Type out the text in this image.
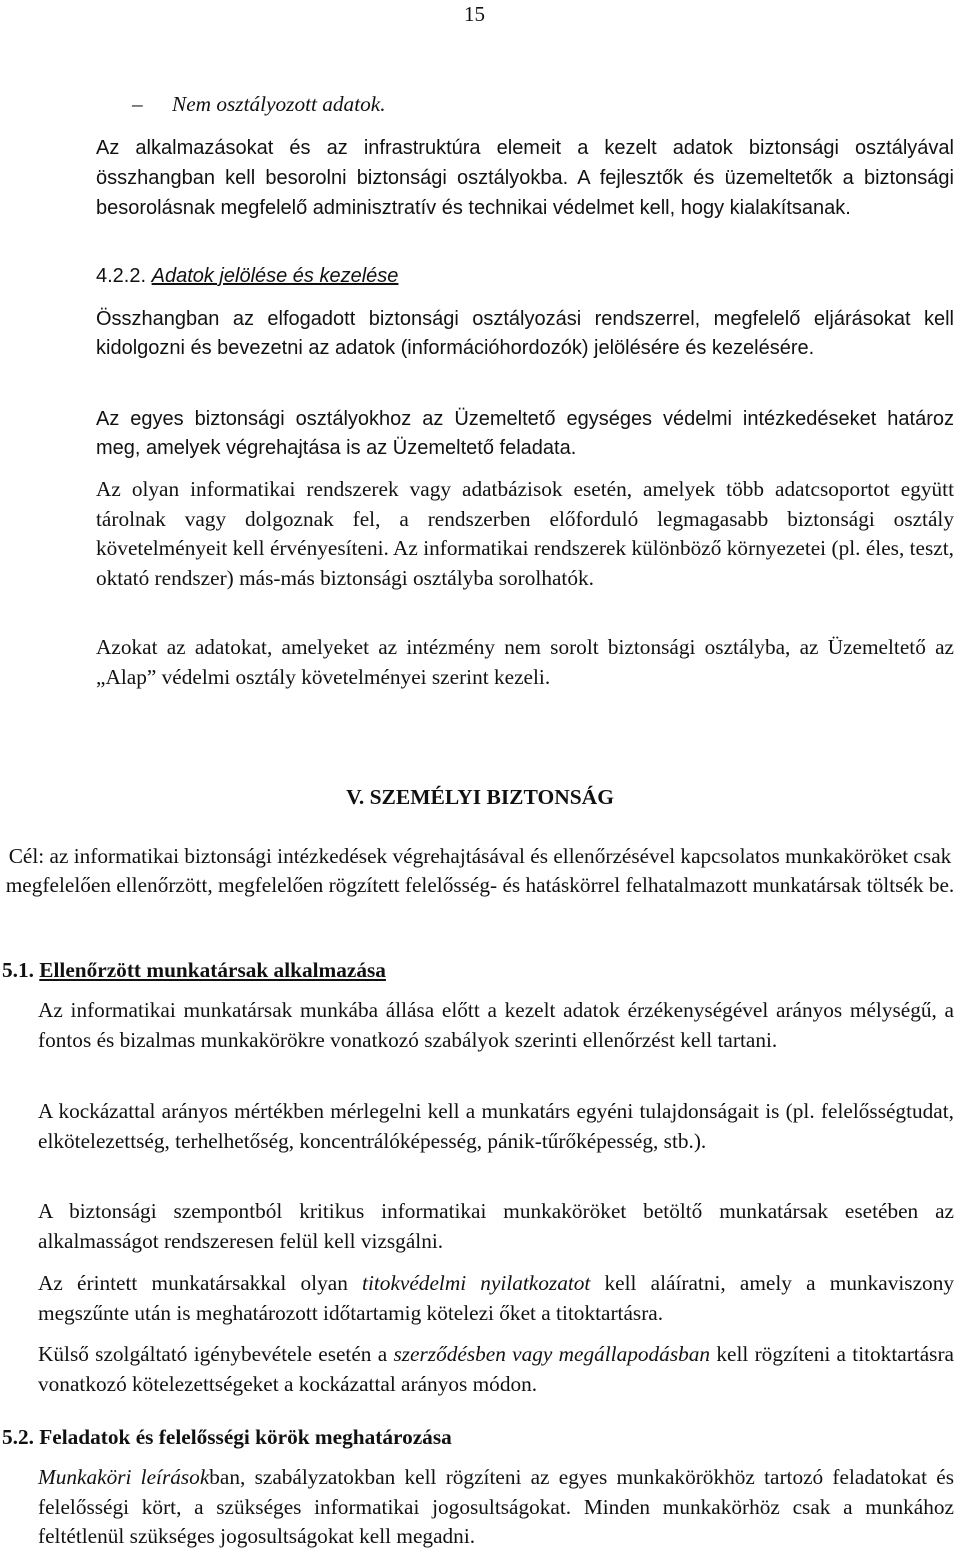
15
– Nem osztályozott adatok.
Az alkalmazásokat és az infrastruktúra elemeit a kezelt adatok biztonsági osztályával összhangban kell besorolni biztonsági osztályokba. A fejlesztők és üzemeltetők a biztonsági besorolásnak megfelelő adminisztratív és technikai védelmet kell, hogy kialakítsanak.
4.2.2. Adatok jelölése és kezelése
Összhangban az elfogadott biztonsági osztályozási rendszerrel, megfelelő eljárásokat kell kidolgozni és bevezetni az adatok (információhordozók) jelölésére és kezelésére.
Az egyes biztonsági osztályokhoz az Üzemeltető egységes védelmi intézkedéseket határoz meg, amelyek végrehajtása is az Üzemeltető feladata.
Az olyan informatikai rendszerek vagy adatbázisok esetén, amelyek több adatcsoportot együtt tárolnak vagy dolgoznak fel, a rendszerben előforduló legmagasabb biztonsági osztály követelményeit kell érvényesíteni. Az informatikai rendszerek különböző környezetei (pl. éles, teszt, oktató rendszer) más-más biztonsági osztályba sorolhatók.
Azokat az adatokat, amelyeket az intézmény nem sorolt biztonsági osztályba, az Üzemeltető az „Alap” védelmi osztály követelményei szerint kezeli.
V. SZEMÉLYI BIZTONSÁG
Cél: az informatikai biztonsági intézkedések végrehajtásával és ellenőrzésével kapcsolatos munkaköröket csak megfelelően ellenőrzött, megfelelően rögzített felelősség- és hatáskörrel felhatalmazott munkatársak töltsék be.
5.1. Ellenőrzött munkatársak alkalmazása
Az informatikai munkatársak munkába állása előtt a kezelt adatok érzékenységével arányos mélységű, a fontos és bizalmas munkakörökre vonatkozó szabályok szerinti ellenőrzést kell tartani.
A kockázattal arányos mértékben mérlegelni kell a munkatárs egyéni tulajdonságait is (pl. felelősségtudat, elkötelezettség, terhelhetőség, koncentrálóképesség, pánik-tűrőképesség, stb.).
A biztonsági szempontból kritikus informatikai munkaköröket betöltő munkatársak esetében az alkalmasságot rendszeresen felül kell vizsgálni.
Az érintett munkatársakkal olyan titokvédelmi nyilatkozatot kell aláíratni, amely a munkaviszony megszűnte után is meghatározott időtartamig kötelezi őket a titoktartásra.
Külső szolgáltató igénybevétele esetén a szerződésben vagy megállapodásban kell rögzíteni a titoktartásra vonatkozó kötelezettségeket a kockázattal arányos módon.
5.2. Feladatok és felelősségi körök meghatározása
Munkaköri leírásokban, szabályzatokban kell rögzíteni az egyes munkakörökhöz tartozó feladatokat és felelősségi kört, a szükséges informatikai jogosultságokat. Minden munkakörhöz csak a munkához feltétlenül szükséges jogosultságokat kell megadni.
